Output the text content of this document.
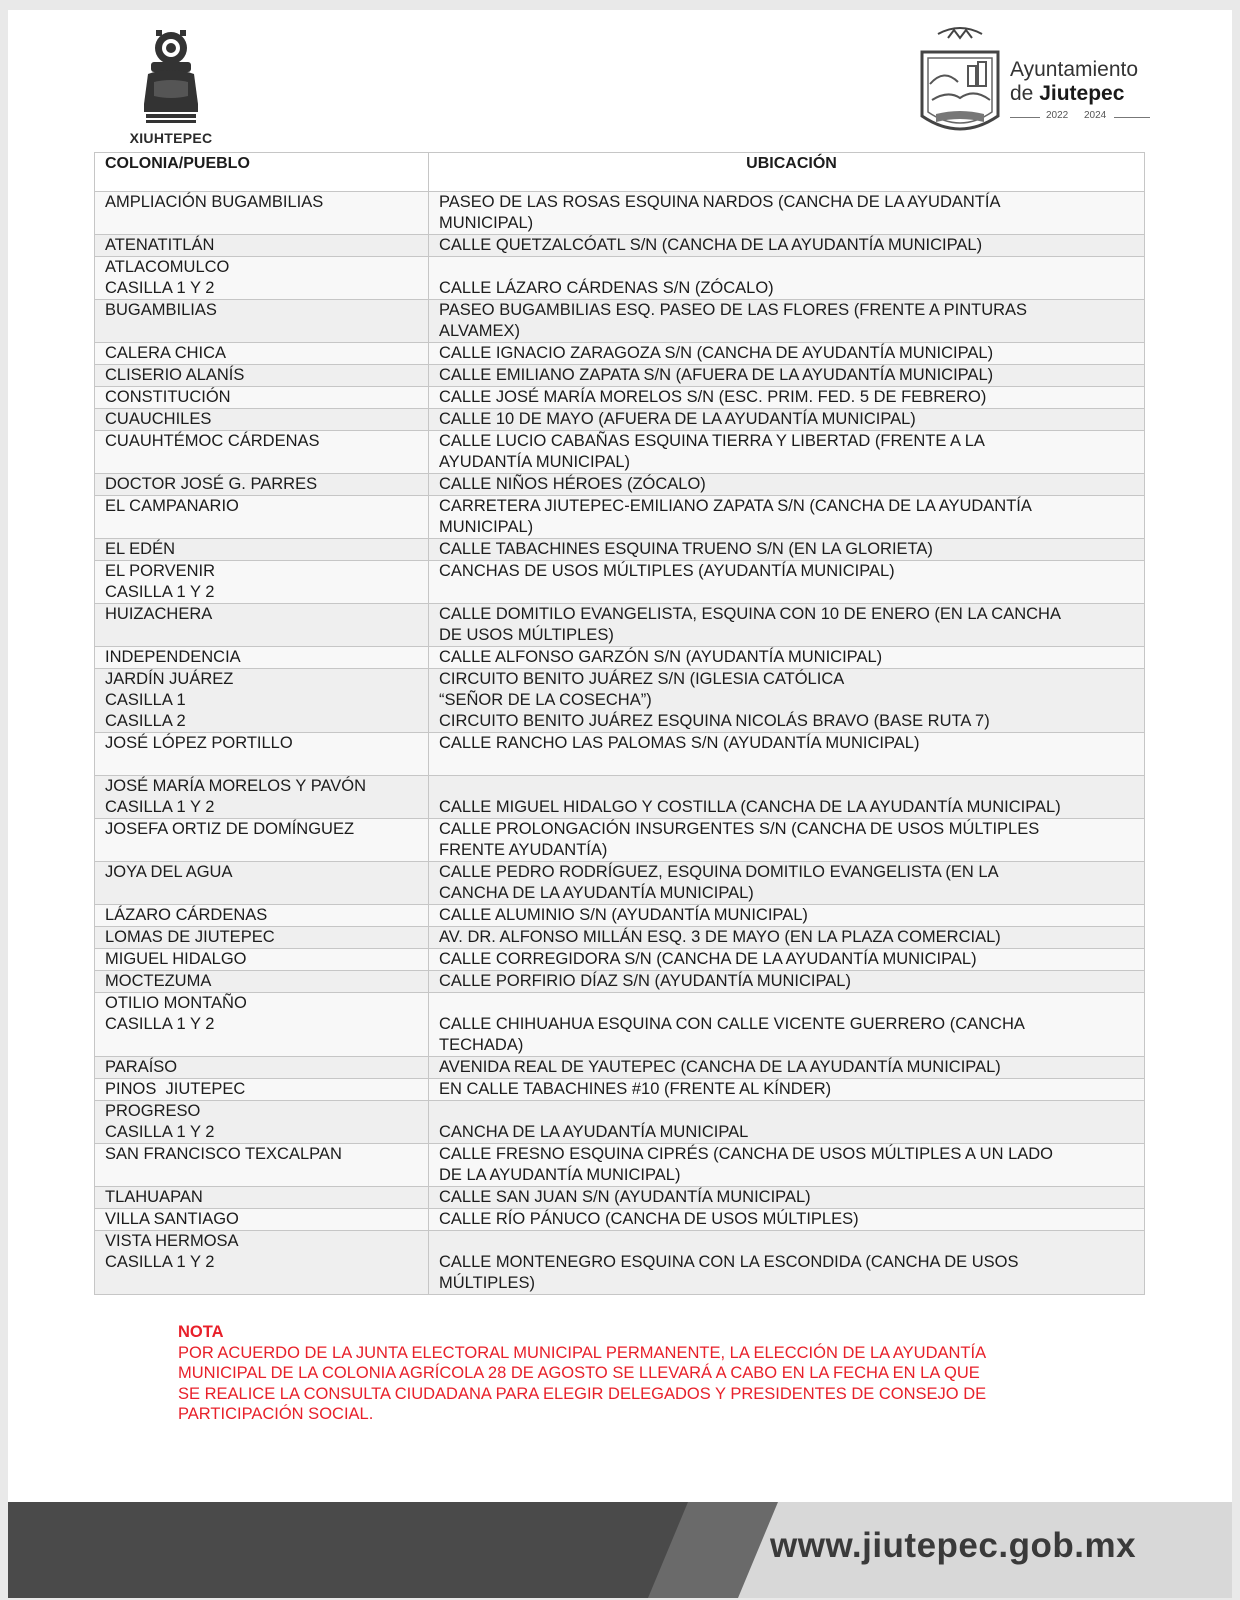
XIUHTEPEC
Ayuntamiento
de Jiutepec
2022 2024
COLONIA/PUEBLO	UBICACIÓN

AMPLIACIÓN BUGAMBILIAS	PASEO DE LAS ROSAS ESQUINA NARDOS (CANCHA DE LA AYUDANTÍA
MUNICIPAL)

ATENATITLÁN	CALLE QUETZALCÓATL S/N (CANCHA DE LA AYUDANTÍA MUNICIPAL)

ATLACOMULCO
CASILLA 1 Y 2	CALLE LÁZARO CÁRDENAS S/N (ZÓCALO)

BUGAMBILIAS	PASEO BUGAMBILIAS ESQ. PASEO DE LAS FLORES (FRENTE A PINTURAS
ALVAMEX)

CALERA CHICA	CALLE IGNACIO ZARAGOZA S/N (CANCHA DE AYUDANTÍA MUNICIPAL)

CLISERIO ALANÍS	CALLE EMILIANO ZAPATA S/N (AFUERA DE LA AYUDANTÍA MUNICIPAL)

CONSTITUCIÓN	CALLE JOSÉ MARÍA MORELOS S/N (ESC. PRIM. FED. 5 DE FEBRERO)

CUAUCHILES	CALLE 10 DE MAYO (AFUERA DE LA AYUDANTÍA MUNICIPAL)

CUAUHTÉMOC CÁRDENAS	CALLE LUCIO CABAÑAS ESQUINA TIERRA Y LIBERTAD (FRENTE A LA
AYUDANTÍA MUNICIPAL)

DOCTOR JOSÉ G. PARRES	CALLE NIÑOS HÉROES (ZÓCALO)

EL CAMPANARIO	CARRETERA JIUTEPEC-EMILIANO ZAPATA S/N (CANCHA DE LA AYUDANTÍA
MUNICIPAL)

EL EDÉN	CALLE TABACHINES ESQUINA TRUENO S/N (EN LA GLORIETA)

EL PORVENIR
CASILLA 1 Y 2	CANCHAS DE USOS MÚLTIPLES (AYUDANTÍA MUNICIPAL)

HUIZACHERA	CALLE DOMITILO EVANGELISTA, ESQUINA CON 10 DE ENERO (EN LA CANCHA
DE USOS MÚLTIPLES)

INDEPENDENCIA	CALLE ALFONSO GARZÓN S/N (AYUDANTÍA MUNICIPAL)

JARDÍN JUÁREZ
CASILLA 1
CASILLA 2	CIRCUITO BENITO JUÁREZ S/N (IGLESIA CATÓLICA
“SEÑOR DE LA COSECHA”)
CIRCUITO BENITO JUÁREZ ESQUINA NICOLÁS BRAVO (BASE RUTA 7)

JOSÉ LÓPEZ PORTILLO	CALLE RANCHO LAS PALOMAS S/N (AYUDANTÍA MUNICIPAL)

JOSÉ MARÍA MORELOS Y PAVÓN
CASILLA 1 Y 2	CALLE MIGUEL HIDALGO Y COSTILLA (CANCHA DE LA AYUDANTÍA MUNICIPAL)

JOSEFA ORTIZ DE DOMÍNGUEZ	CALLE PROLONGACIÓN INSURGENTES S/N (CANCHA DE USOS MÚLTIPLES
FRENTE AYUDANTÍA)

JOYA DEL AGUA	CALLE PEDRO RODRÍGUEZ, ESQUINA DOMITILO EVANGELISTA (EN LA
CANCHA DE LA AYUDANTÍA MUNICIPAL)

LÁZARO CÁRDENAS	CALLE ALUMINIO S/N (AYUDANTÍA MUNICIPAL)

LOMAS DE JIUTEPEC	AV. DR. ALFONSO MILLÁN ESQ. 3 DE MAYO (EN LA PLAZA COMERCIAL)

MIGUEL HIDALGO	CALLE CORREGIDORA S/N (CANCHA DE LA AYUDANTÍA MUNICIPAL)

MOCTEZUMA	CALLE PORFIRIO DÍAZ S/N (AYUDANTÍA MUNICIPAL)

OTILIO MONTAÑO
CASILLA 1 Y 2	CALLE CHIHUAHUA ESQUINA CON CALLE VICENTE GUERRERO (CANCHA
TECHADA)

PARAÍSO	AVENIDA REAL DE YAUTEPEC (CANCHA DE LA AYUDANTÍA MUNICIPAL)

PINOS  JIUTEPEC	EN CALLE TABACHINES #10 (FRENTE AL KÍNDER)

PROGRESO
CASILLA 1 Y 2	CANCHA DE LA AYUDANTÍA MUNICIPAL

SAN FRANCISCO TEXCALPAN	CALLE FRESNO ESQUINA CIPRÉS (CANCHA DE USOS MÚLTIPLES A UN LADO
DE LA AYUDANTÍA MUNICIPAL)

TLAHUAPAN	CALLE SAN JUAN S/N (AYUDANTÍA MUNICIPAL)

VILLA SANTIAGO	CALLE RÍO PÁNUCO (CANCHA DE USOS MÚLTIPLES)

VISTA HERMOSA
CASILLA 1 Y 2	CALLE MONTENEGRO ESQUINA CON LA ESCONDIDA (CANCHA DE USOS
MÚLTIPLES)
NOTA
POR ACUERDO DE LA JUNTA ELECTORAL MUNICIPAL PERMANENTE, LA ELECCIÓN DE LA AYUDANTÍA
MUNICIPAL DE LA COLONIA AGRÍCOLA 28 DE AGOSTO SE LLEVARÁ A CABO EN LA FECHA EN LA QUE
SE REALICE LA CONSULTA CIUDADANA PARA ELEGIR DELEGADOS Y PRESIDENTES DE CONSEJO DE
PARTICIPACIÓN SOCIAL.
www.jiutepec.gob.mx
